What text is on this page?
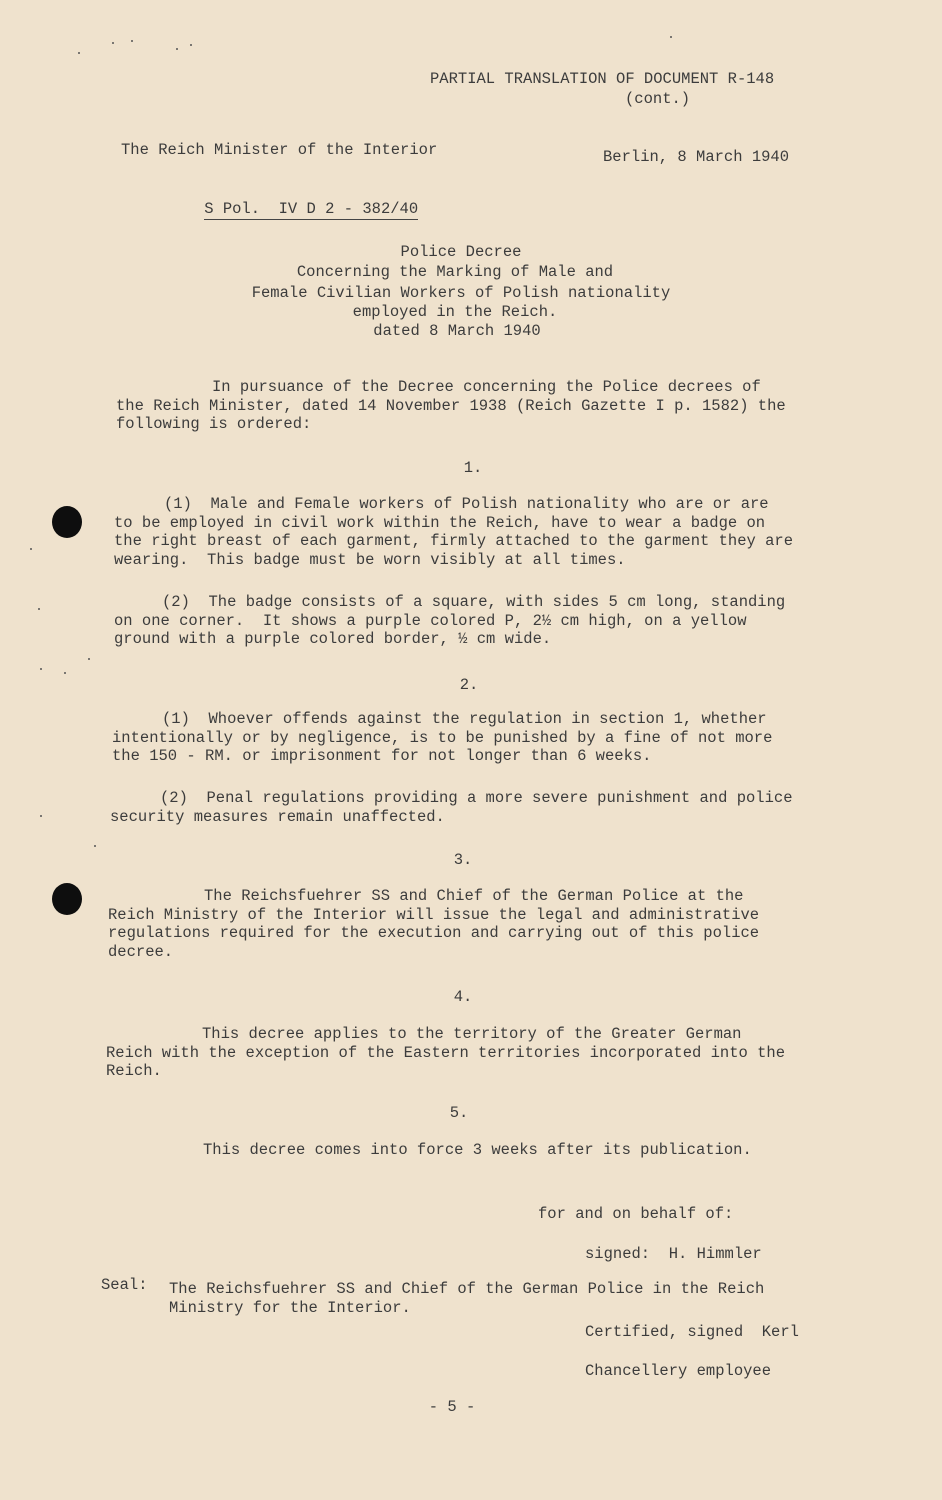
PARTIAL TRANSLATION OF DOCUMENT R-148
(cont.)
The Reich Minister of the Interior	Berlin, 8 March 1940

S Pol.  IV D 2 - 382/40

Police Decree
Concerning the Marking of Male and
Female Civilian Workers of Polish nationality
employed in the Reich.
dated 8 March 1940
In pursuance of the Decree concerning the Police decrees of
the Reich Minister, dated 14 November 1938 (Reich Gazette I p. 1582) the
following is ordered:
1.
(1)  Male and Female workers of Polish nationality who are or are
to be employed in civil work within the Reich, have to wear a badge on
the right breast of each garment, firmly attached to the garment they are
wearing.  This badge must be worn visibly at all times.
(2)  The badge consists of a square, with sides 5 cm long, standing
on one corner.  It shows a purple colored P, 2½ cm high, on a yellow
ground with a purple colored border, ½ cm wide.
2.
(1)  Whoever offends against the regulation in section 1, whether
intentionally or by negligence, is to be punished by a fine of not more
the 150 - RM. or imprisonment for not longer than 6 weeks.
(2)  Penal regulations providing a more severe punishment and police
security measures remain unaffected.
3.
The Reichsfuehrer SS and Chief of the German Police at the
Reich Ministry of the Interior will issue the legal and administrative
regulations required for the execution and carrying out of this police
decree.
4.
This decree applies to the territory of the Greater German
Reich with the exception of the Eastern territories incorporated into the
Reich.
5.
This decree comes into force 3 weeks after its publication.
for and on behalf of:
signed:  H. Himmler
Seal: The Reichsfuehrer SS and Chief of the German Police in the Reich
Ministry for the Interior.
Certified, signed  Kerl
Chancellery employee
- 5 -
